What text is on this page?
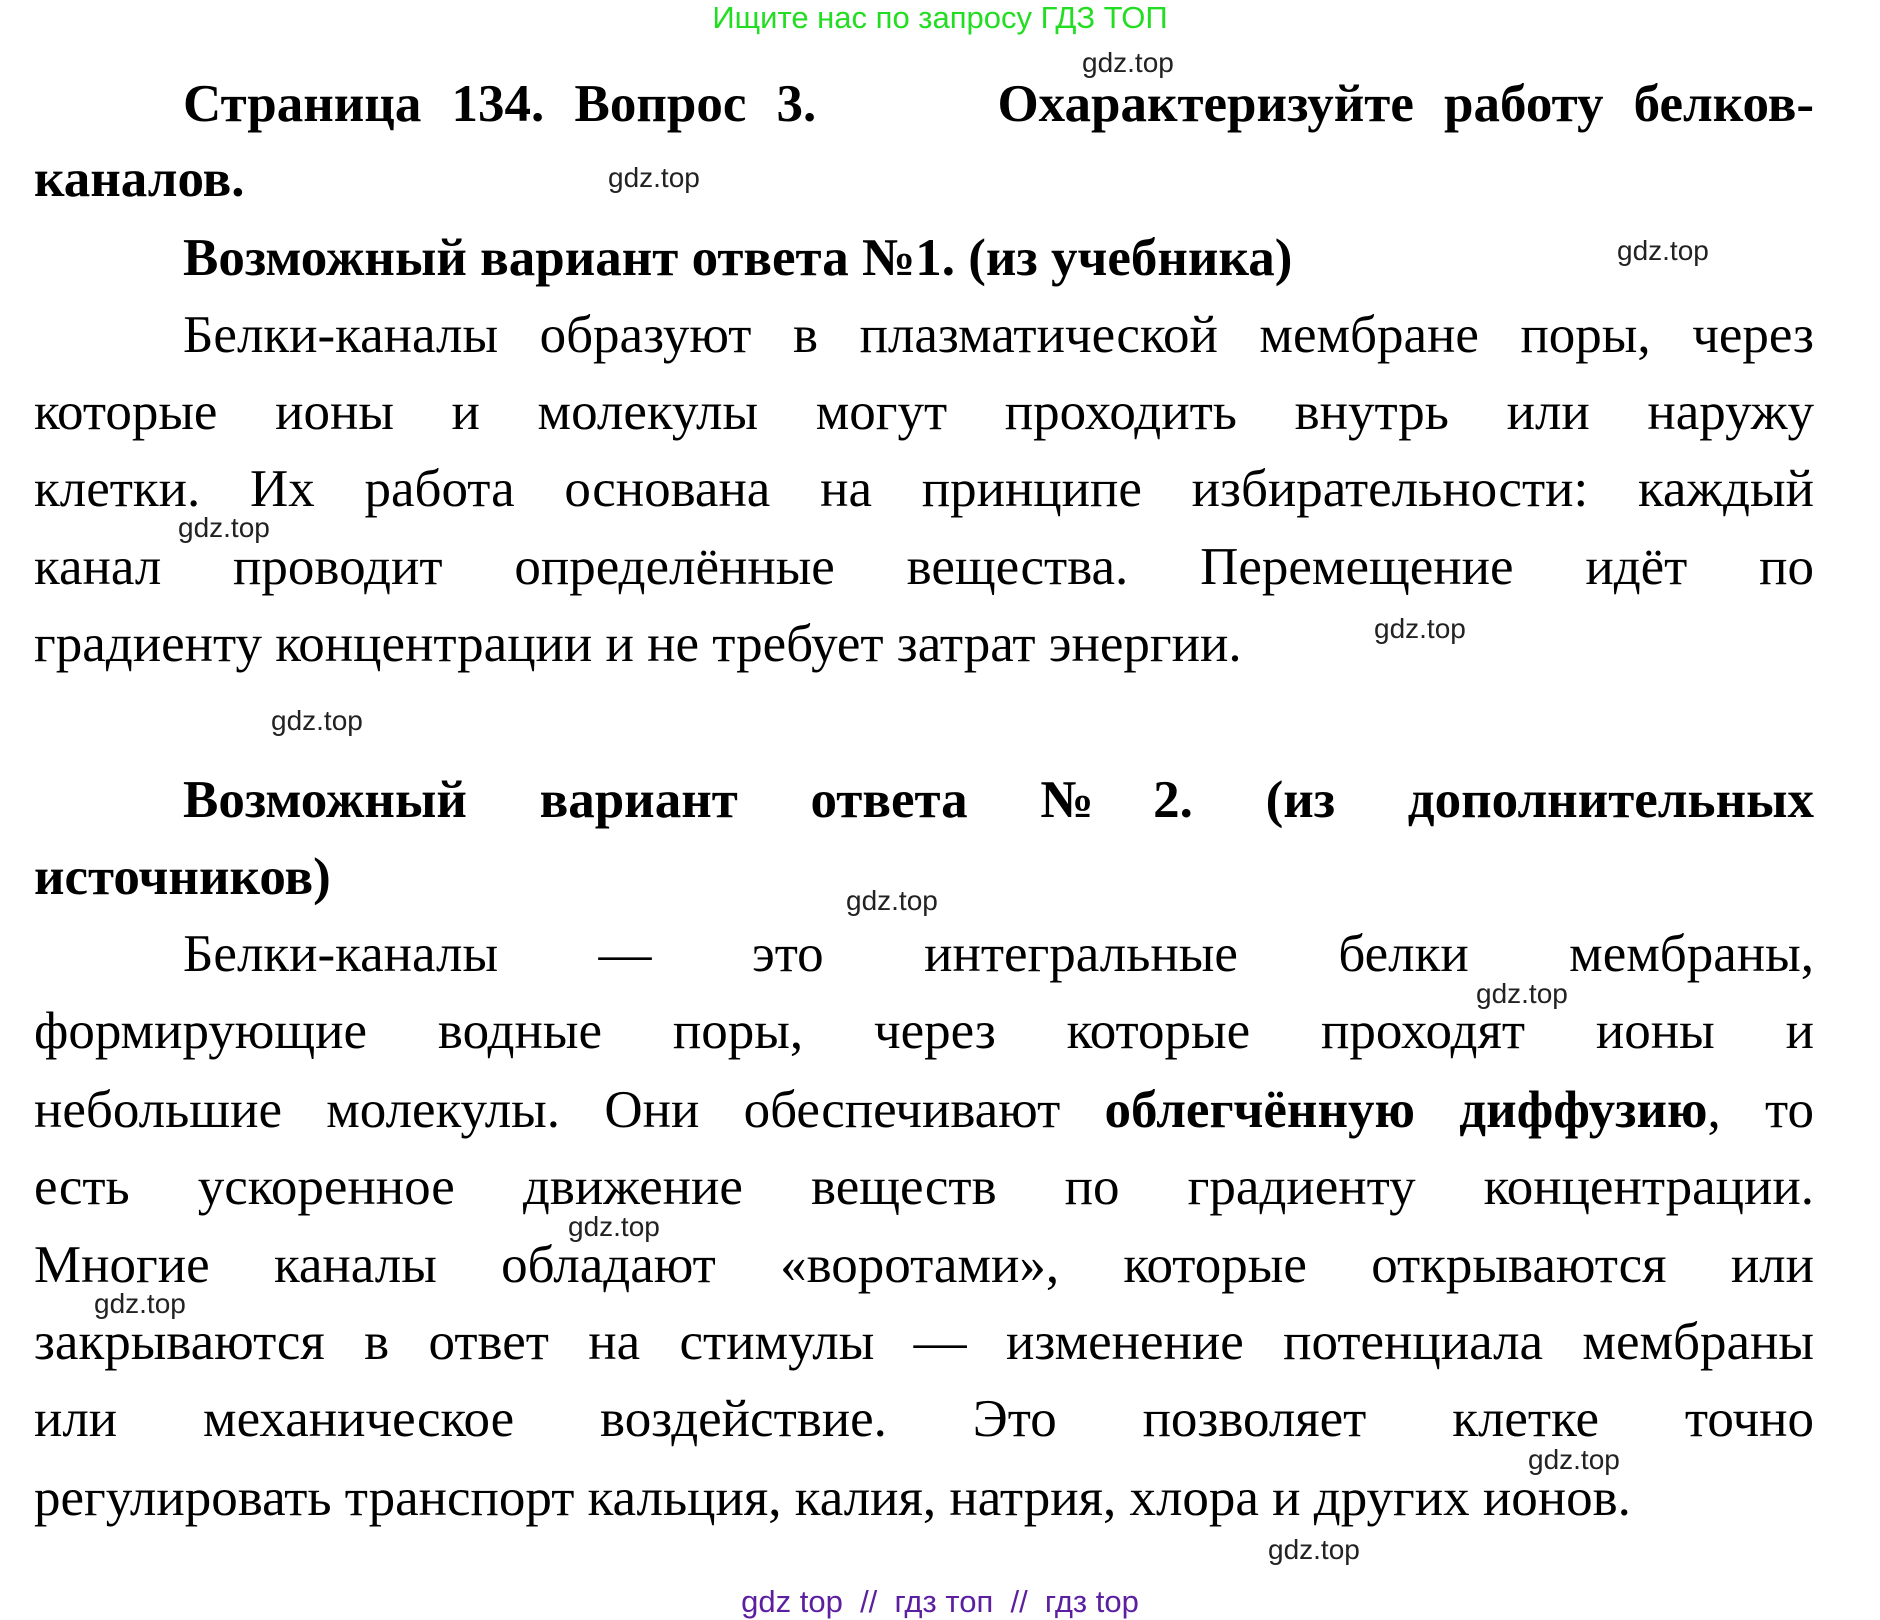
Ищите нас по запросу ГДЗ ТОП
Страница 134. Вопрос 3.      Охарактеризуйте работу белков-
каналов.
Возможный вариант ответа №1. (из учебника)
Белки-каналы образуют в плазматической мембране поры, через
которые ионы и молекулы могут проходить внутрь или наружу
клетки. Их работа основана на принципе избирательности: каждый
канал проводит определённые вещества. Перемещение идёт по
градиенту концентрации и не требует затрат энергии.
Возможный вариант ответа №2. (из дополнительных
источников)
Белки-каналы — это интегральные белки мембраны,
формирующие водные поры, через которые проходят ионы и
небольшие молекулы. Они обеспечивают облегчённую диффузию, то
есть ускоренное движение веществ по градиенту концентрации.
Многие каналы обладают «воротами», которые открываются или
закрываются в ответ на стимулы — изменение потенциала мембраны
или механическое воздействие. Это позволяет клетке точно
регулировать транспорт кальция, калия, натрия, хлора и других ионов.
gdz.top
gdz.top
gdz.top
gdz.top
gdz.top
gdz.top
gdz.top
gdz.top
gdz.top
gdz.top
gdz.top
gdz.top
gdz top  //  гдз топ  //  гдз top
